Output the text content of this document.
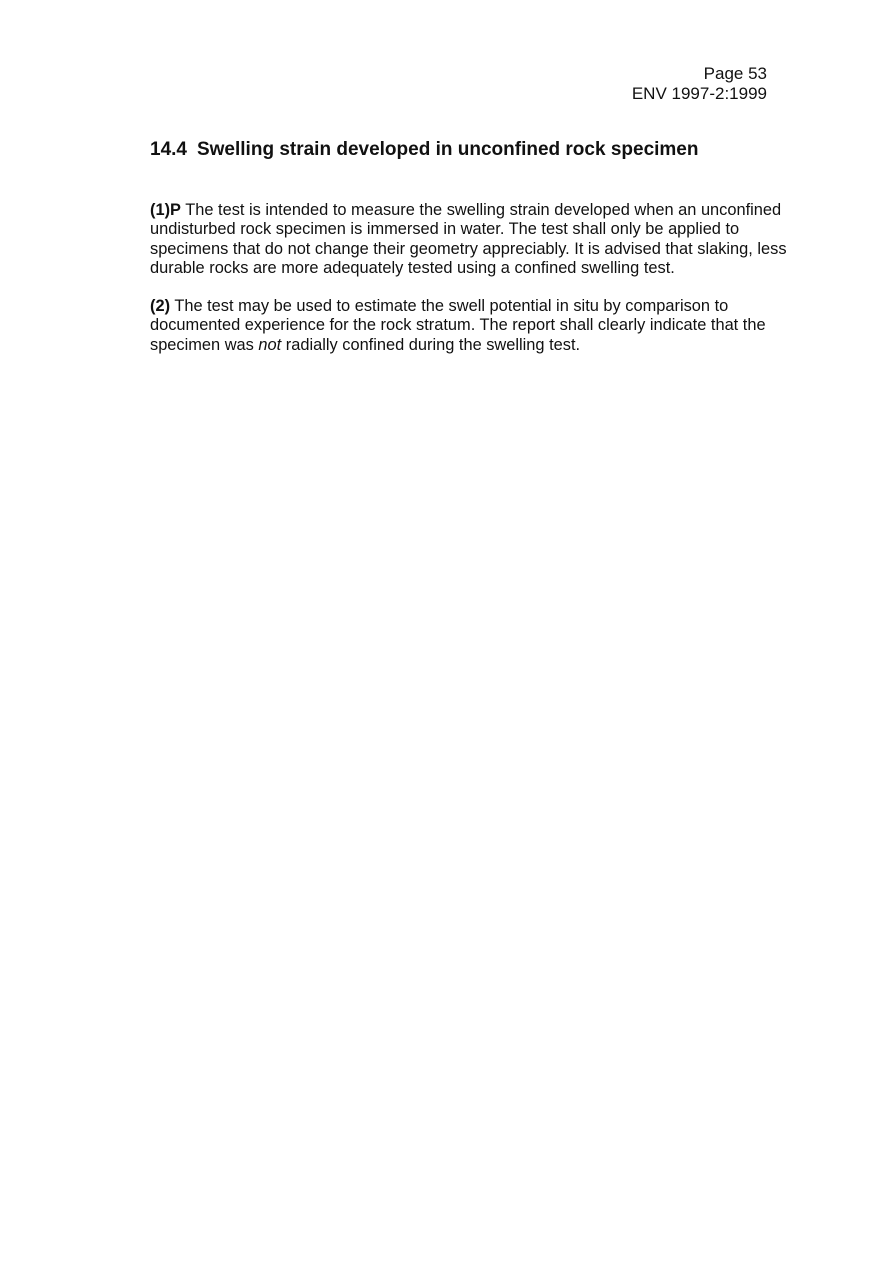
Page 53
ENV 1997-2:1999
14.4 Swelling strain developed in unconfined rock specimen
(1)P The test is intended to measure the swelling strain developed when an unconfined
undisturbed rock specimen is immersed in water. The test shall only be applied to
specimens that do not change their geometry appreciably. It is advised that slaking, less
durable rocks are more adequately tested using a confined swelling test.
(2) The test may be used to estimate the swell potential in situ by comparison to
documented experience for the rock stratum. The report shall clearly indicate that the
specimen was not radially confined during the swelling test.
